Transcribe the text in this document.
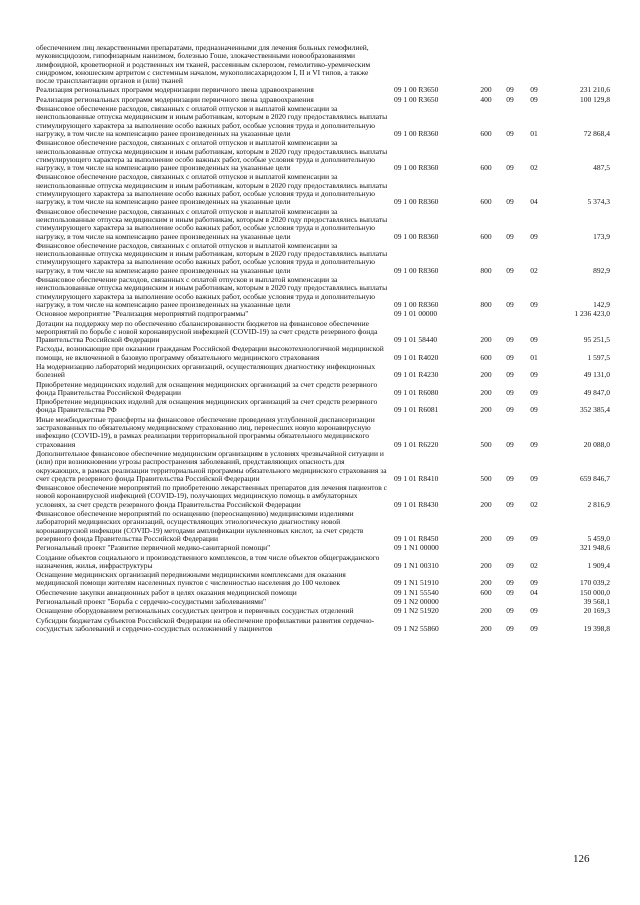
обеспечением лиц лекарственными препаратами, предназначенными для лечения больных гемофилией, муковисцидозом, гипофизарным нанизмом, болезнью Гоше, злокачественными новообразованиями лимфоидной, кроветворной и родственных им тканей, рассеянным склерозом, гемолитико-уремическим синдромом, юношеским артритом с системным началом, мукополисахаридозом I, II и VI типов, а также после трансплантации органов и (или) тканей					
Реализация региональных программ модернизации первичного звена здравоохранения	09 1 00 R3650	200	09	09	231 210,6
Реализация региональных программ модернизации первичного звена здравоохранения	09 1 00 R3650	400	09	09	100 129,8
Финансовое обеспечение расходов, связанных с оплатой отпусков и выплатой компенсации за неиспользованные отпуска медицинским и иным работникам, которым в 2020 году предоставлялись выплаты стимулирующего характера за выполнение особо важных работ, особые условия труда и дополнительную нагрузку, в том числе на компенсацию ранее произведенных на указанные цели	09 1 00 R8360	600	09	01	72 868,4
Финансовое обеспечение расходов, связанных с оплатой отпусков и выплатой компенсации за неиспользованные отпуска медицинским и иным работникам, которым в 2020 году предоставлялись выплаты стимулирующего характера за выполнение особо важных работ, особые условия труда и дополнительную нагрузку, в том числе на компенсацию ранее произведенных на указанные цели	09 1 00 R8360	600	09	02	487,5
Финансовое обеспечение расходов, связанных с оплатой отпусков и выплатой компенсации за неиспользованные отпуска медицинским и иным работникам, которым в 2020 году предоставлялись выплаты стимулирующего характера за выполнение особо важных работ, особые условия труда и дополнительную нагрузку, в том числе на компенсацию ранее произведенных на указанные цели	09 1 00 R8360	600	09	04	5 374,3
Финансовое обеспечение расходов, связанных с оплатой отпусков и выплатой компенсации за неиспользованные отпуска медицинским и иным работникам, которым в 2020 году предоставлялись выплаты стимулирующего характера за выполнение особо важных работ, особые условия труда и дополнительную нагрузку, в том числе на компенсацию ранее произведенных на указанные цели	09 1 00 R8360	600	09	09	173,9
Финансовое обеспечение расходов, связанных с оплатой отпусков и выплатой компенсации за неиспользованные отпуска медицинским и иным работникам, которым в 2020 году предоставлялись выплаты стимулирующего характера за выполнение особо важных работ, особые условия труда и дополнительную нагрузку, в том числе на компенсацию ранее произведенных на указанные цели	09 1 00 R8360	800	09	02	892,9
Финансовое обеспечение расходов, связанных с оплатой отпусков и выплатой компенсации за неиспользованные отпуска медицинским и иным работникам, которым в 2020 году предоставлялись выплаты стимулирующего характера за выполнение особо важных работ, особые условия труда и дополнительную нагрузку, в том числе на компенсацию ранее произведенных на указанные цели	09 1 00 R8360	800	09	09	142,9
Основное мероприятие "Реализация мероприятий подпрограммы"	09 1 01 00000				1 236 423,0
Дотации на поддержку мер по обеспечению сбалансированности бюджетов на финансовое обеспечение мероприятий по борьбе с новой коронавирусной инфекцией (COVID-19) за счет средств резервного фонда Правительства Российской Федерации	09 1 01 58440	200	09	09	95 251,5
Расходы, возникающие при оказании гражданам Российской Федерации высокотехнологичной медицинской помощи, не включенной в базовую программу обязательного медицинского страхования	09 1 01 R4020	600	09	01	1 597,5
На модернизацию лабораторий медицинских организаций, осуществляющих диагностику инфекционных болезней	09 1 01 R4230	200	09	09	49 131,0
Приобретение медицинских изделий для оснащения медицинских организаций за счет средств резервного фонда Правительства Российской Федерации	09 1 01 R6080	200	09	09	49 847,0
Приобретение медицинских изделий для оснащения медицинских организаций за счет средств резервного фонда Правительства РФ	09 1 01 R6081	200	09	09	352 385,4
Иные межбюджетные трансферты на финансовое обеспечение проведения углубленной диспансеризации застрахованных по обязательному медицинскому страхованию лиц, перенесших новую коронавирусную инфекцию (COVID-19), в рамках реализации территориальной программы обязательного медицинского страхования	09 1 01 R6220	500	09	09	20 088,0
Дополнительное финансовое обеспечение медицинским организациям в условиях чрезвычайной ситуации и (или) при возникновении угрозы распространения заболеваний, представляющих опасность для окружающих, в рамках реализации территориальной программы обязательного медицинского страхования за счет средств резервного фонда Правительства Российской Федерации	09 1 01 R8410	500	09	09	659 846,7
Финансовое обеспечение мероприятий по приобретению лекарственных препаратов для лечения пациентов с новой коронавирусной инфекцией (COVID-19), получающих медицинскую помощь в амбулаторных условиях, за счет средств резервного фонда Правительства Российской Федерации	09 1 01 R8430	200	09	02	2 816,9
Финансовое обеспечение мероприятий по оснащению (переоснащению) медицинскими изделиями лабораторий медицинских организаций, осуществляющих этиологическую диагностику новой коронавирусной инфекции (COVID-19) методами амплификации нуклеиновых кислот, за счет средств резервного фонда Правительства Российской Федерации	09 1 01 R8450	200	09	09	5 459,0
Региональный проект "Развитие первичной медико-санитарной помощи"	09 1 N1 00000				321 948,6
Создание объектов социального и производственного комплексов, в том числе объектов общегражданского назначения, жилья, инфраструктуры	09 1 N1 00310	200	09	02	1 909,4
Оснащение медицинских организаций передвижными медицинскими комплексами для оказания медицинской помощи жителям населенных пунктов с численностью населения до 100 человек	09 1 N1 51910	200	09	09	170 039,2
Обеспечение закупки авиационных работ в целях оказания медицинской помощи	09 1 N1 55540	600	09	04	150 000,0
Региональный проект "Борьба с сердечно-сосудистыми заболеваниями"	09 1 N2 00000				39 568,1
Оснащение оборудованием региональных сосудистых центров и первичных сосудистых отделений	09 1 N2 51920	200	09	09	20 169,3
Субсидии бюджетам субъектов Российской Федерации на обеспечение профилактики развития сердечно-сосудистых заболеваний и сердечно-сосудистых осложнений у пациентов	09 1 N2 55860	200	09	09	19 398,8
126
